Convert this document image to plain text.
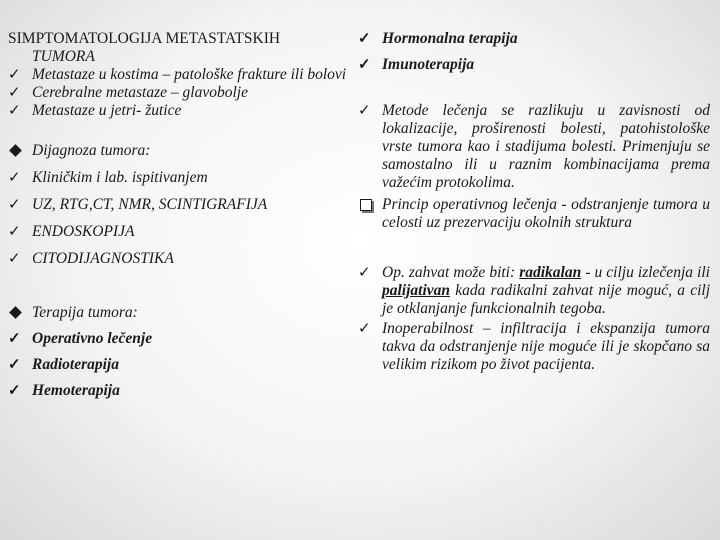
SIMPTOMATOLOGIJA METASTATSKIH
TUMORA
✓ Metastaze u kostima – patološke frakture ili bolovi
✓ Cerebralne metastaze – glavobolje
✓ Metastaze u jetri- žutice
Dijagnoza tumora:
✓ Kliničkim i lab. ispitivanjem
✓ UZ, RTG,CT, NMR, SCINTIGRAFIJA
✓ ENDOSKOPIJA
✓ CITODIJAGNOSTIKA
Terapija tumora:
✓ Operativno lečenje
✓ Radioterapija
✓ Hemoterapija
✓ Hormonalna terapija
✓ Imunoterapija
✓ Metode lečenja se razlikuju u zavisnosti od lokalizacije, proširenosti bolesti, patohistološke vrste tumora kao i stadijuma bolesti. Primenjuju se samostalno ili u raznim kombinacijama prema važećim protokolima.
Princip operativnog lečenja - odstranjenje tumora u celosti uz prezervaciju okolnih struktura
✓ Op. zahvat može biti: radikalan - u cilju izlečenja ili palijativan kada radikalni zahvat nije moguć, a cilj je otklanjanje funkcionalnih tegoba.
✓ Inoperabilnost – infiltracija i ekspanzija tumora takva da odstranjenje nije moguće ili je skopčano sa velikim rizikom po život pacijenta.
